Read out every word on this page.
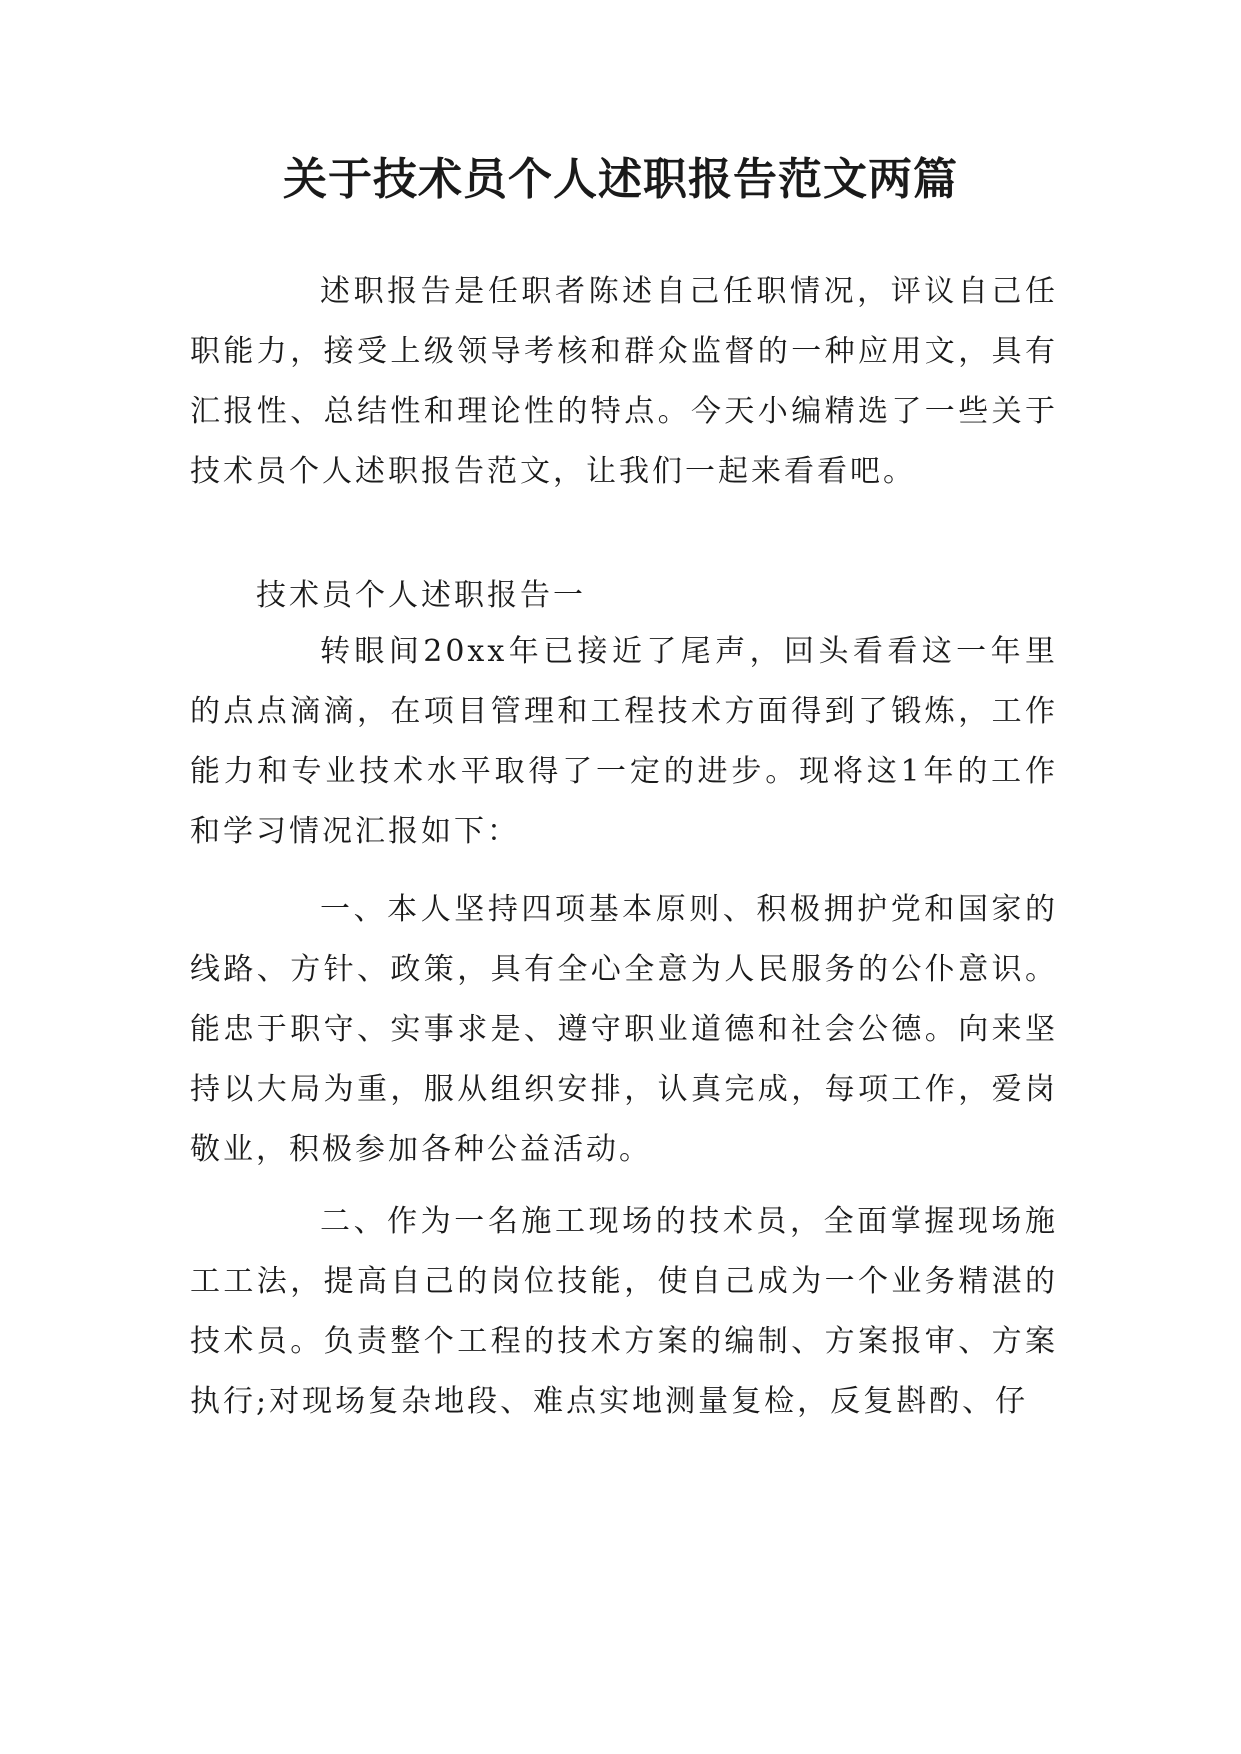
关于技术员个人述职报告范文两篇

述职报告是任职者陈述自己任职情况，评议自己任职能力，接受上级领导考核和群众监督的一种应用文，具有汇报性、总结性和理论性的特点。今天小编精选了一些关于技术员个人述职报告范文，让我们一起来看看吧。

技术员个人述职报告一

转眼间20xx年已接近了尾声，回头看看这一年里的点点滴滴，在项目管理和工程技术方面得到了锻炼，工作能力和专业技术水平取得了一定的进步。现将这1年的工作和学习情况汇报如下：

一、本人坚持四项基本原则、积极拥护党和国家的线路、方针、政策，具有全心全意为人民服务的公仆意识。能忠于职守、实事求是、遵守职业道德和社会公德。向来坚持以大局为重，服从组织安排，认真完成，每项工作，爱岗敬业，积极参加各种公益活动。

二、作为一名施工现场的技术员，全面掌握现场施工工法，提高自己的岗位技能，使自己成为一个业务精湛的技术员。负责整个工程的技术方案的编制、方案报审、方案执行;对现场复杂地段、难点实地测量复检，反复斟酌、仔
